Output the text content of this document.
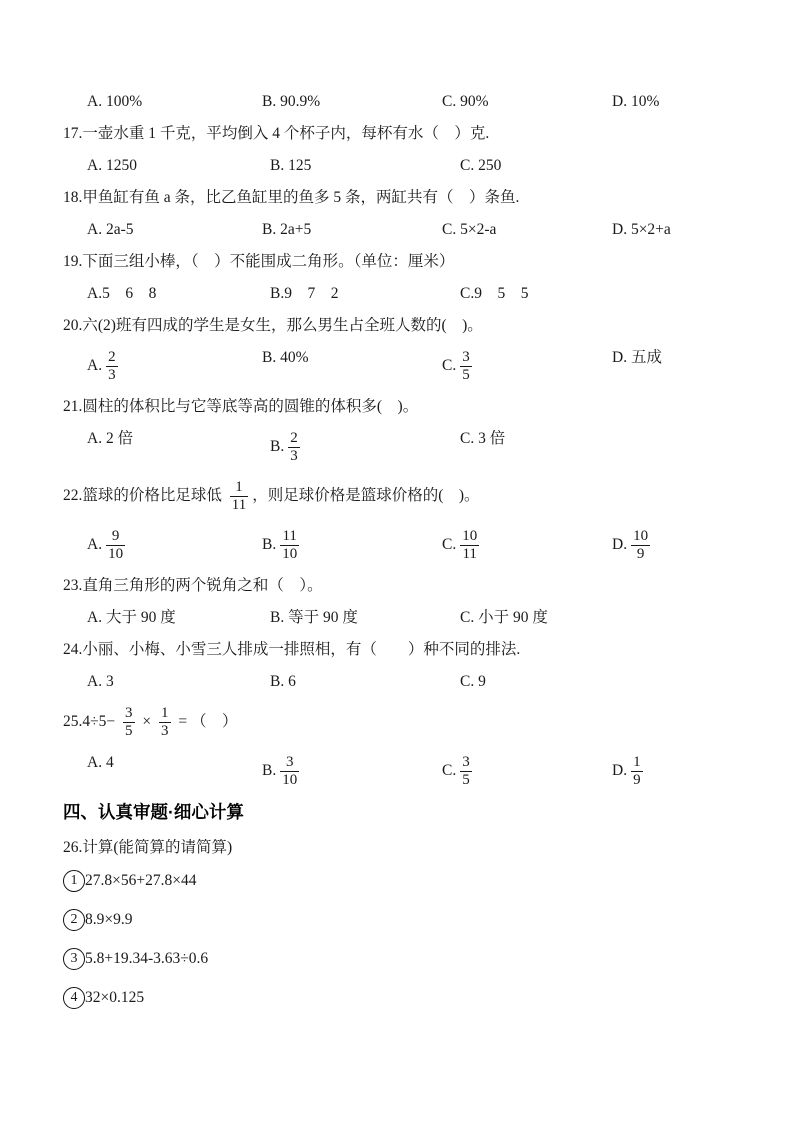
A. 100%	B. 90.9%	C. 90%	D. 10%
17.一壶水重 1 千克，平均倒入 4 个杯子内，每杯有水（　）克.
A. 1250	B. 125	C. 250
18.甲鱼缸有鱼 a 条，比乙鱼缸里的鱼多 5 条，两缸共有（　）条鱼.
A. 2a-5	B. 2a+5	C. 5×2-a	D. 5×2+a
19.下面三组小棒，（　）不能围成二角形。（单位：厘米）
A.5　6　8	B.9　7　2	C.9　5　5
20.六(2)班有四成的学生是女生，那么男生占全班人数的(　)。
A. $\frac{2}{3}$	B. 40%	C. $\frac{3}{5}$	D. 五成
21.圆柱的体积比与它等底等高的圆锥的体积多(　)。
A. 2 倍	B. $\frac{2}{3}$	C. 3 倍
22.篮球的价格比足球低 $\frac{1}{11}$ ，则足球价格是篮球价格的(　)。
A. $\frac{9}{10}$	B. $\frac{11}{10}$	C. $\frac{10}{11}$	D. $\frac{10}{9}$
23.直角三角形的两个锐角之和（　）。
A. 大于 90 度	B. 等于 90 度	C. 小于 90 度
24.小丽、小梅、小雪三人排成一排照相，有（　　）种不同的排法.
A. 3	B. 6	C. 9
$25.4\div 5- \frac{3}{5} \times \frac{1}{3}$ = （　）
A. 4	B. $\frac{3}{10}$	C. $\frac{3}{5}$	D. $\frac{1}{9}$
四、认真审题·细心计算
26.计算(能简算的请简算)
1 27.8×56+27.8×44
2 8.9×9.9
3 5.8+19.34-3.63÷0.6
4 32×0.125
